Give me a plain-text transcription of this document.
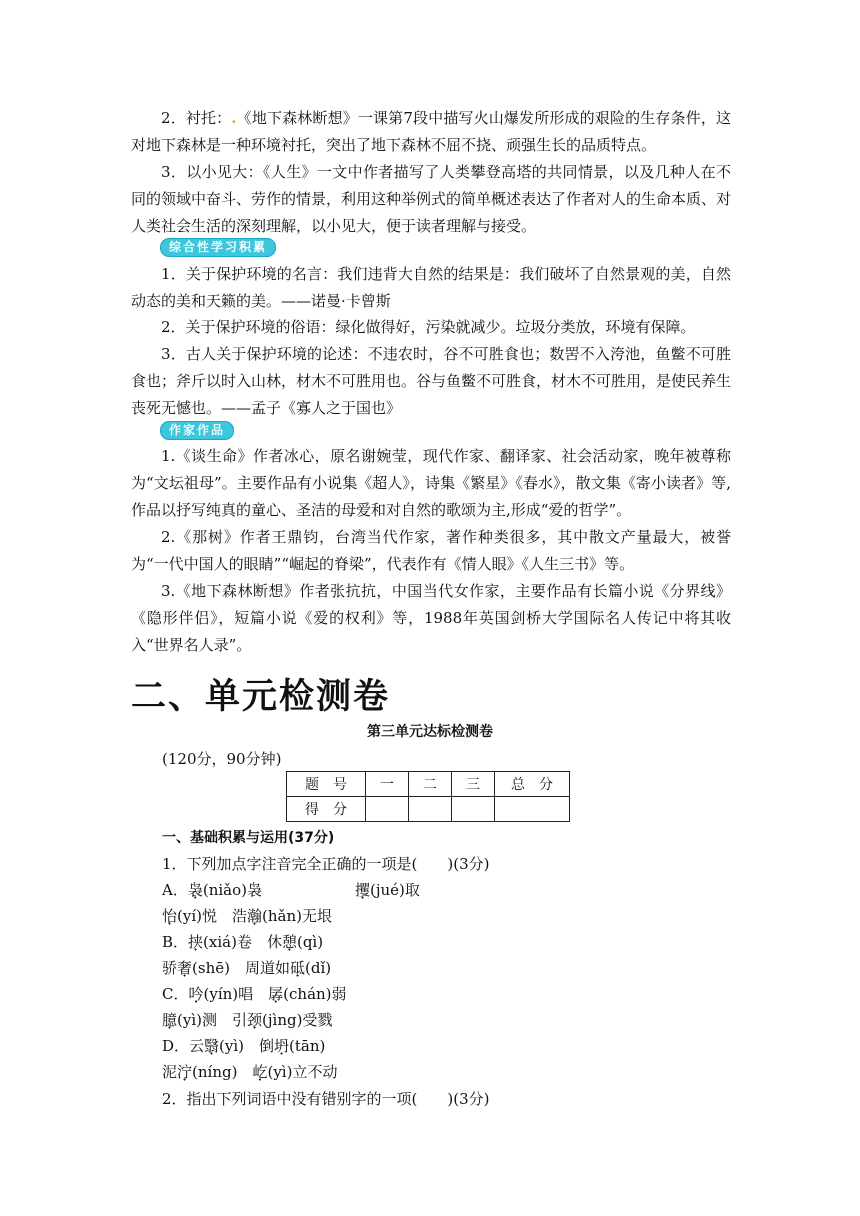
2．衬托：.《地下森林断想》一课第7段中描写火山爆发所形成的艰险的生存条件，这对地下森林是一种环境衬托，突出了地下森林不屈不挠、顽强生长的品质特点。

3．以小见大：《人生》一文中作者描写了人类攀登高塔的共同情景，以及几种人在不同的领域中奋斗、劳作的情景，利用这种举例式的简单概述表达了作者对人的生命本质、对人类社会生活的深刻理解，以小见大，便于读者理解与接受。

综合性学习积累

1．关于保护环境的名言：我们违背大自然的结果是：我们破坏了自然景观的美，自然动态的美和天籁的美。——诺曼·卡曾斯

2．关于保护环境的俗语：绿化做得好，污染就减少。垃圾分类放，环境有保障。

3．古人关于保护环境的论述：不违农时，谷不可胜食也；数罟不入洿池，鱼鳖不可胜食也；斧斤以时入山林，材木不可胜用也。谷与鱼鳖不可胜食，材木不可胜用，是使民养生丧死无憾也。——孟子《寡人之于国也》

作家作品

1.《谈生命》作者冰心，原名谢婉莹，现代作家、翻译家、社会活动家，晚年被尊称为“文坛祖母”。主要作品有小说集《超人》，诗集《繁星》《春水》，散文集《寄小读者》等,作品以抒写纯真的童心、圣洁的母爱和对自然的歌颂为主,形成“爱的哲学”。

2.《那树》作者王鼎钧，台湾当代作家，著作种类很多，其中散文产量最大，被誉为“一代中国人的眼睛”“崛起的脊梁”，代表作有《情人眼》《人生三书》等。

3.《地下森林断想》作者张抗抗，中国当代女作家，主要作品有长篇小说《分界线》《隐形伴侣》，短篇小说《爱的权利》等，1988年英国剑桥大学国际名人传记中将其收入“世界名人录”。

二、单元检测卷
第三单元达标检测卷
(120分，90分钟)
题　号	一	二	三	总　分
得　分				
一、基础积累与运用(37分)
1．下列加点字注音完全正确的一项是(　　)(3分)
A．袅(niǎo)袅	攫(jué)取
怡(yí)悦　浩瀚(hǎn)无垠
B．挟(xiá)卷　休憩(qì)
骄奢(shē)　周道如砥(dǐ)
C．吟(yín)唱　孱(chán)弱
臆(yì)测　引颈(jìng)受戮
D．云翳(yì)　倒坍(tān)
泥泞(níng)　屹(yì)立不动
2．指出下列词语中没有错别字的一项(　　)(3分)
